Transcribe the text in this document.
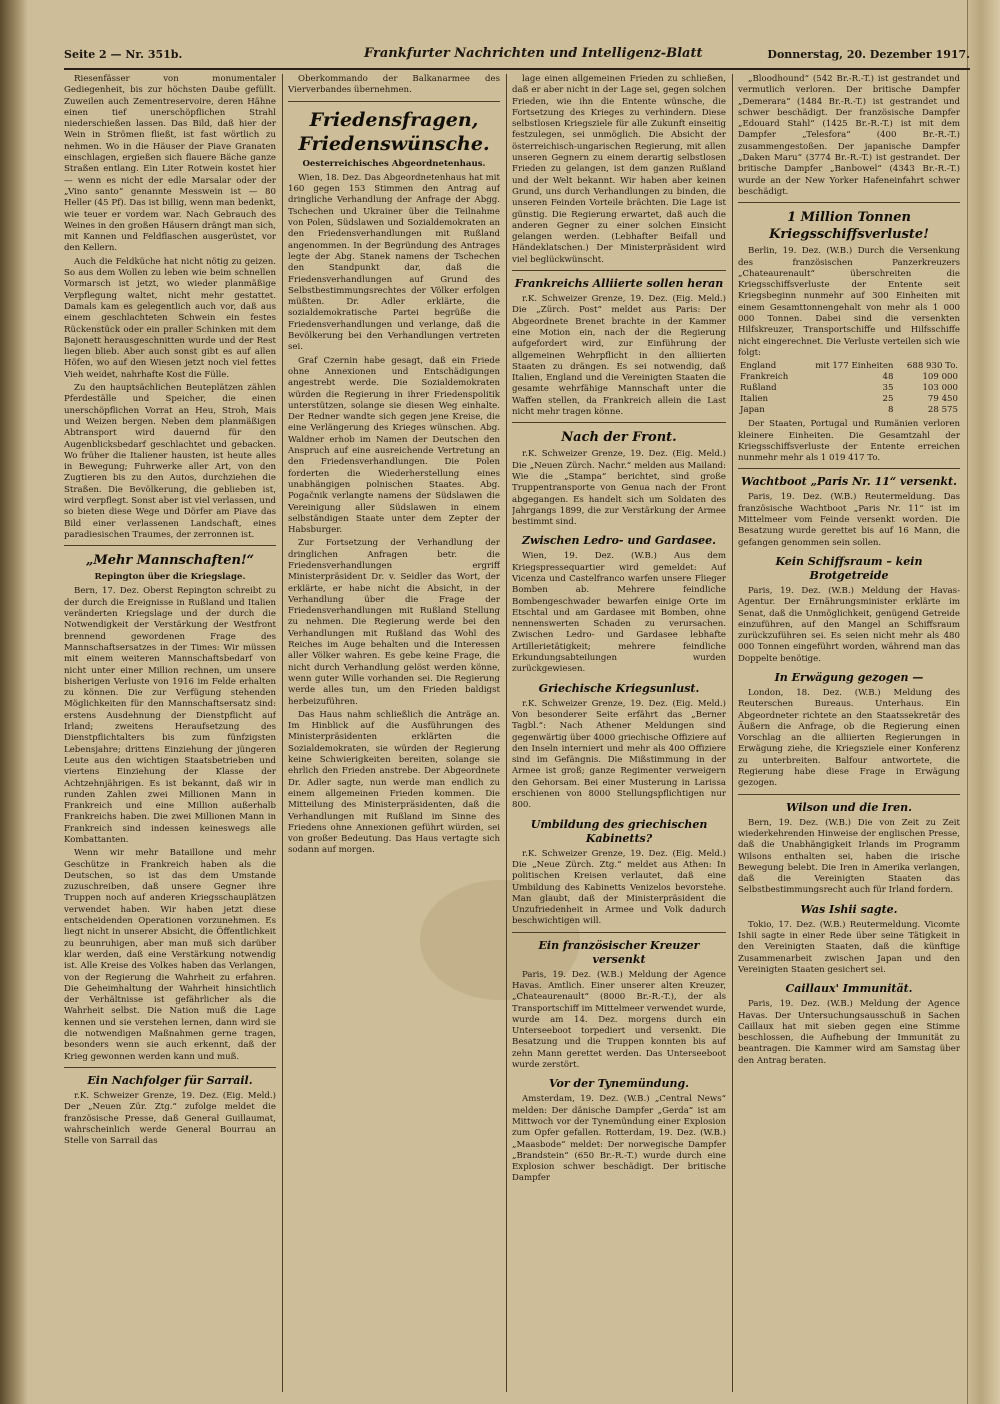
Seite 2 — Nr. 351b.	Frankfurter Nachrichten und Intelligenz-Blatt	Donnerstag, 20. Dezember 1917.

Riesenfässer von monumentaler Gediegenheit, bis zur höchsten Daube gefüllt. Zuweilen auch Zementreservoire, deren Hähne einen tief unerschöpflichen Strahl niederschießen lassen. Das Bild, daß hier der Wein in Strömen fließt, ist fast wörtlich zu nehmen. Wo in die Häuser der Piave Granaten einschlagen, ergießen sich flauere Bäche ganze Straßen entlang. Ein Liter Rotwein kostet hier — wenn es nicht der edle Marsalar oder der „Vino santo“ genannte Messwein ist — 80 Heller (45 Pf). Das ist billig, wenn man bedenkt, wie teuer er vordem war. Nach Gebrauch des Weines in den großen Häusern drängt man sich, mit Kannen und Feldflaschen ausgerüstet, vor den Kellern.

Auch die Feldküche hat nicht nötig zu geizen. So aus dem Wollen zu leben wie beim schnellen Vormarsch ist jetzt, wo wieder planmäßige Verpflegung waltet, nicht mehr gestattet. Damals kam es gelegentlich auch vor, daß aus einem geschlachteten Schwein ein festes Rückenstück oder ein praller Schinken mit dem Bajonett herausgeschnitten wurde und der Rest liegen blieb. Aber auch sonst gibt es auf allen Höfen, wo auf den Wiesen jetzt noch viel fettes Vieh weidet, nahrhafte Kost die Fülle.

Zu den hauptsächlichen Beuteplätzen zählen Pferdeställe und Speicher, die einen unerschöpflichen Vorrat an Heu, Stroh, Mais und Weizen bergen. Neben dem planmäßigen Abtransport wird dauernd für den Augenblicksbedarf geschlachtet und gebacken. Wo früher die Italiener hausten, ist heute alles in Bewegung; Fuhrwerke aller Art, von den Zugtieren bis zu den Autos, durchziehen die Straßen. Die Bevölkerung, die geblieben ist, wird verpflegt. Sonst aber ist viel verlassen, und so bieten diese Wege und Dörfer am Piave das Bild einer verlassenen Landschaft, eines paradiesischen Traumes, der zerronnen ist.

„Mehr Mannschaften!“
Repington über die Kriegslage.

Bern, 17. Dez. Oberst Repington schreibt zu der durch die Ereignisse in Rußland und Italien veränderten Kriegslage und der durch die Notwendigkeit der Verstärkung der Westfront brennend gewordenen Frage des Mannschaftsersatzes in der Times: Wir müssen mit einem weiteren Mannschaftsbedarf von nicht unter einer Million rechnen, um unsere bisherigen Verluste von 1916 im Felde erhalten zu können. Die zur Verfügung stehenden Möglichkeiten für den Mannschaftsersatz sind: erstens Ausdehnung der Dienstpflicht auf Irland; zweitens Heraufsetzung des Dienstpflichtalters bis zum fünfzigsten Lebensjahre; drittens Einziehung der jüngeren Leute aus den wichtigen Staatsbetrieben und viertens Einziehung der Klasse der Achtzehnjährigen. Es ist bekannt, daß wir in runden Zahlen zwei Millionen Mann in Frankreich und eine Million außerhalb Frankreichs haben. Die zwei Millionen Mann in Frankreich sind indessen keineswegs alle Kombattanten.

Wenn wir mehr Bataillone und mehr Geschütze in Frankreich haben als die Deutschen, so ist das dem Umstande zuzuschreiben, daß unsere Gegner ihre Truppen noch auf anderen Kriegsschauplätzen verwendet haben. Wir haben jetzt diese entscheidenden Operationen vorzunehmen. Es liegt nicht in unserer Absicht, die Öffentlichkeit zu beunruhigen, aber man muß sich darüber klar werden, daß eine Verstärkung notwendig ist. Alle Kreise des Volkes haben das Verlangen, von der Regierung die Wahrheit zu erfahren. Die Geheimhaltung der Wahrheit hinsichtlich der Verhältnisse ist gefährlicher als die Wahrheit selbst. Die Nation muß die Lage kennen und sie verstehen lernen, dann wird sie die notwendigen Maßnahmen gerne tragen, besonders wenn sie auch erkennt, daß der Krieg gewonnen werden kann und muß.

Ein Nachfolger für Sarrail.

r.K. Schweizer Grenze, 19. Dez. (Eig. Meld.) Der „Neuen Zür. Ztg.“ zufolge meldet die französische Presse, daß General Guillaumat, wahrscheinlich werde General Bourrau an Stelle von Sarrail das

Oberkommando der Balkanarmee des Vierverbandes übernehmen.

Friedensfragen, Friedenswünsche.
Oesterreichisches Abgeordnetenhaus.

Wien, 18. Dez. Das Abgeordnetenhaus hat mit 160 gegen 153 Stimmen den Antrag auf dringliche Verhandlung der Anfrage der Abgg. Tschechen und Ukrainer über die Teilnahme von Polen, Südslawen und Sozialdemokraten an den Friedensverhandlungen mit Rußland angenommen. In der Begründung des Antrages legte der Abg. Stanek namens der Tschechen den Standpunkt dar, daß die Friedensverhandlungen auf Grund des Selbstbestimmungsrechtes der Völker erfolgen müßten. Dr. Adler erklärte, die sozialdemokratische Partei begrüße die Friedensverhandlungen und verlange, daß die Bevölkerung bei den Verhandlungen vertreten sei.

Graf Czernin habe gesagt, daß ein Friede ohne Annexionen und Entschädigungen angestrebt werde. Die Sozialdemokraten würden die Regierung in ihrer Friedenspolitik unterstützen, solange sie diesen Weg einhalte. Der Redner wandte sich gegen jene Kreise, die eine Verlängerung des Krieges wünschen. Abg. Waldner erhob im Namen der Deutschen den Anspruch auf eine ausreichende Vertretung an den Friedensverhandlungen. Die Polen forderten die Wiederherstellung eines unabhängigen polnischen Staates. Abg. Pogačnik verlangte namens der Südslawen die Vereinigung aller Südslawen in einem selbständigen Staate unter dem Zepter der Habsburger.

Zur Fortsetzung der Verhandlung der dringlichen Anfragen betr. die Friedensverhandlungen ergriff Ministerpräsident Dr. v. Seidler das Wort, der erklärte, er habe nicht die Absicht, in der Verhandlung über die Frage der Friedensverhandlungen mit Rußland Stellung zu nehmen. Die Regierung werde bei den Verhandlungen mit Rußland das Wohl des Reiches im Auge behalten und die Interessen aller Völker wahren. Es gebe keine Frage, die nicht durch Verhandlung gelöst werden könne, wenn guter Wille vorhanden sei. Die Regierung werde alles tun, um den Frieden baldigst herbeizuführen.

Das Haus nahm schließlich die Anträge an. Im Hinblick auf die Ausführungen des Ministerpräsidenten erklärten die Sozialdemokraten, sie würden der Regierung keine Schwierigkeiten bereiten, solange sie ehrlich den Frieden anstrebe. Der Abgeordnete Dr. Adler sagte, nun werde man endlich zu einem allgemeinen Frieden kommen. Die Mitteilung des Ministerpräsidenten, daß die Verhandlungen mit Rußland im Sinne des Friedens ohne Annexionen geführt würden, sei von großer Bedeutung. Das Haus vertagte sich sodann auf morgen.

lage einen allgemeinen Frieden zu schließen, daß er aber nicht in der Lage sei, gegen solchen Frieden, wie ihn die Entente wünsche, die Fortsetzung des Krieges zu verhindern. Diese selbstlosen Kriegsziele für alle Zukunft einseitig festzulegen, sei unmöglich. Die Absicht der österreichisch-ungarischen Regierung, mit allen unseren Gegnern zu einem derartig selbstlosen Frieden zu gelangen, ist dem ganzen Rußland und der Welt bekannt. Wir haben aber keinen Grund, uns durch Verhandlungen zu binden, die unseren Feinden Vorteile brächten. Die Lage ist günstig. Die Regierung erwartet, daß auch die anderen Gegner zu einer solchen Einsicht gelangen werden. (Lebhafter Beifall und Händeklatschen.) Der Ministerpräsident wird viel beglückwünscht.

Frankreichs Alliierte sollen heran

r.K. Schweizer Grenze, 19. Dez. (Eig. Meld.) Die „Zürch. Post“ meldet aus Paris: Der Abgeordnete Brenet brachte in der Kammer eine Motion ein, nach der die Regierung aufgefordert wird, zur Einführung der allgemeinen Wehrpflicht in den alliierten Staaten zu drängen. Es sei notwendig, daß Italien, England und die Vereinigten Staaten die gesamte wehrfähige Mannschaft unter die Waffen stellen, da Frankreich allein die Last nicht mehr tragen könne.

Nach der Front.

r.K. Schweizer Grenze, 19. Dez. (Eig. Meld.) Die „Neuen Zürch. Nachr.“ melden aus Mailand: Wie die „Stampa“ berichtet, sind große Truppentransporte von Genua nach der Front abgegangen. Es handelt sich um Soldaten des Jahrgangs 1899, die zur Verstärkung der Armee bestimmt sind.

Zwischen Ledro- und Gardasee.

Wien, 19. Dez. (W.B.) Aus dem Kriegspressequartier wird gemeldet: Auf Vicenza und Castelfranco warfen unsere Flieger Bomben ab. Mehrere feindliche Bombengeschwader bewarfen einige Orte im Etschtal und am Gardasee mit Bomben, ohne nennenswerten Schaden zu verursachen. Zwischen Ledro- und Gardasee lebhafte Artillerietätigkeit; mehrere feindliche Erkundungsabteilungen wurden zurückgewiesen.

Griechische Kriegsunlust.

r.K. Schweizer Grenze, 19. Dez. (Eig. Meld.) Von besonderer Seite erfährt das „Berner Tagbl.“: Nach Athener Meldungen sind gegenwärtig über 4000 griechische Offiziere auf den Inseln interniert und mehr als 400 Offiziere sind im Gefängnis. Die Mißstimmung in der Armee ist groß; ganze Regimenter verweigern den Gehorsam. Bei einer Musterung in Larissa erschienen von 8000 Stellungspflichtigen nur 800.

Umbildung des griechischen Kabinetts?

r.K. Schweizer Grenze, 19. Dez. (Eig. Meld.) Die „Neue Zürch. Ztg.“ meldet aus Athen: In politischen Kreisen verlautet, daß eine Umbildung des Kabinetts Venizelos bevorstehe. Man glaubt, daß der Ministerpräsident die Unzufriedenheit in Armee und Volk dadurch beschwichtigen will.

Ein französischer Kreuzer versenkt

Paris, 19. Dez. (W.B.) Meldung der Agence Havas. Amtlich. Einer unserer alten Kreuzer, „Chateaurenault“ (8000 Br.-R.-T.), der als Transportschiff im Mittelmeer verwendet wurde, wurde am 14. Dez. morgens durch ein Unterseeboot torpediert und versenkt. Die Besatzung und die Truppen konnten bis auf zehn Mann gerettet werden. Das Unterseeboot wurde zerstört.

Vor der Tynemündung.

Amsterdam, 19. Dez. (W.B.) „Central News“ melden: Der dänische Dampfer „Gerda“ ist am Mittwoch vor der Tynemündung einer Explosion zum Opfer gefallen. Rotterdam, 19. Dez. (W.B.) „Maasbode“ meldet: Der norwegische Dampfer „Brandstein“ (650 Br.-R.-T.) wurde durch eine Explosion schwer beschädigt. Der britische Dampfer

„Bloodhound“ (542 Br.-R.-T.) ist gestrandet und vermutlich verloren. Der britische Dampfer „Demerara“ (1484 Br.-R.-T.) ist gestrandet und schwer beschädigt. Der französische Dampfer „Edouard Stahl“ (1425 Br.-R.-T.) ist mit dem Dampfer „Telesfora“ (400 Br.-R.-T.) zusammengestoßen. Der japanische Dampfer „Daken Maru“ (3774 Br.-R.-T.) ist gestrandet. Der britische Dampfer „Banbowel“ (4343 Br.-R.-T.) wurde an der New Yorker Hafeneinfahrt schwer beschädigt.

1 Million Tonnen Kriegsschiffsverluste!

Berlin, 19. Dez. (W.B.) Durch die Versenkung des französischen Panzerkreuzers „Chateaurenault“ überschreiten die Kriegsschiffsverluste der Entente seit Kriegsbeginn nunmehr auf 300 Einheiten mit einem Gesamttonnengehalt von mehr als 1 000 000 Tonnen. Dabei sind die versenkten Hilfskreuzer, Transportschiffe und Hilfsschiffe nicht eingerechnet. Die Verluste verteilen sich wie folgt:

England	mit 177 Einheiten	688 930 To.
Frankreich	48	109 000
Rußland	35	103 000
Italien	25	79 450
Japan	8	28 575

Der Staaten, Portugal und Rumänien verloren kleinere Einheiten. Die Gesamtzahl der Kriegsschiffsverluste der Entente erreichen nunmehr mehr als 1 019 417 To.

Wachtboot „Paris Nr. 11“ versenkt.

Paris, 19. Dez. (W.B.) Reutermeldung. Das französische Wachtboot „Paris Nr. 11“ ist im Mittelmeer vom Feinde versenkt worden. Die Besatzung wurde gerettet bis auf 16 Mann, die gefangen genommen sein sollen.

Kein Schiffsraum – kein Brotgetreide

Paris, 19. Dez. (W.B.) Meldung der Havas-Agentur. Der Ernährungsminister erklärte im Senat, daß die Unmöglichkeit, genügend Getreide einzuführen, auf den Mangel an Schiffsraum zurückzuführen sei. Es seien nicht mehr als 480 000 Tonnen eingeführt worden, während man das Doppelte benötige.

In Erwägung gezogen —

London, 18. Dez. (W.B.) Meldung des Reuterschen Bureaus. Unterhaus. Ein Abgeordneter richtete an den Staatssekretär des Äußern die Anfrage, ob die Regierung einen Vorschlag an die alliierten Regierungen in Erwägung ziehe, die Kriegsziele einer Konferenz zu unterbreiten. Balfour antwortete, die Regierung habe diese Frage in Erwägung gezogen.

Wilson und die Iren.

Bern, 19. Dez. (W.B.) Die von Zeit zu Zeit wiederkehrenden Hinweise der englischen Presse, daß die Unabhängigkeit Irlands im Programm Wilsons enthalten sei, haben die irische Bewegung belebt. Die Iren in Amerika verlangen, daß die Vereinigten Staaten das Selbstbestimmungsrecht auch für Irland fordern.

Was Ishii sagte.

Tokio, 17. Dez. (W.B.) Reutermeldung. Vicomte Ishii sagte in einer Rede über seine Tätigkeit in den Vereinigten Staaten, daß die künftige Zusammenarbeit zwischen Japan und den Vereinigten Staaten gesichert sei.

Caillaux' Immunität.

Paris, 19. Dez. (W.B.) Meldung der Agence Havas. Der Untersuchungsausschuß in Sachen Caillaux hat mit sieben gegen eine Stimme beschlossen, die Aufhebung der Immunität zu beantragen. Die Kammer wird am Samstag über den Antrag beraten.
